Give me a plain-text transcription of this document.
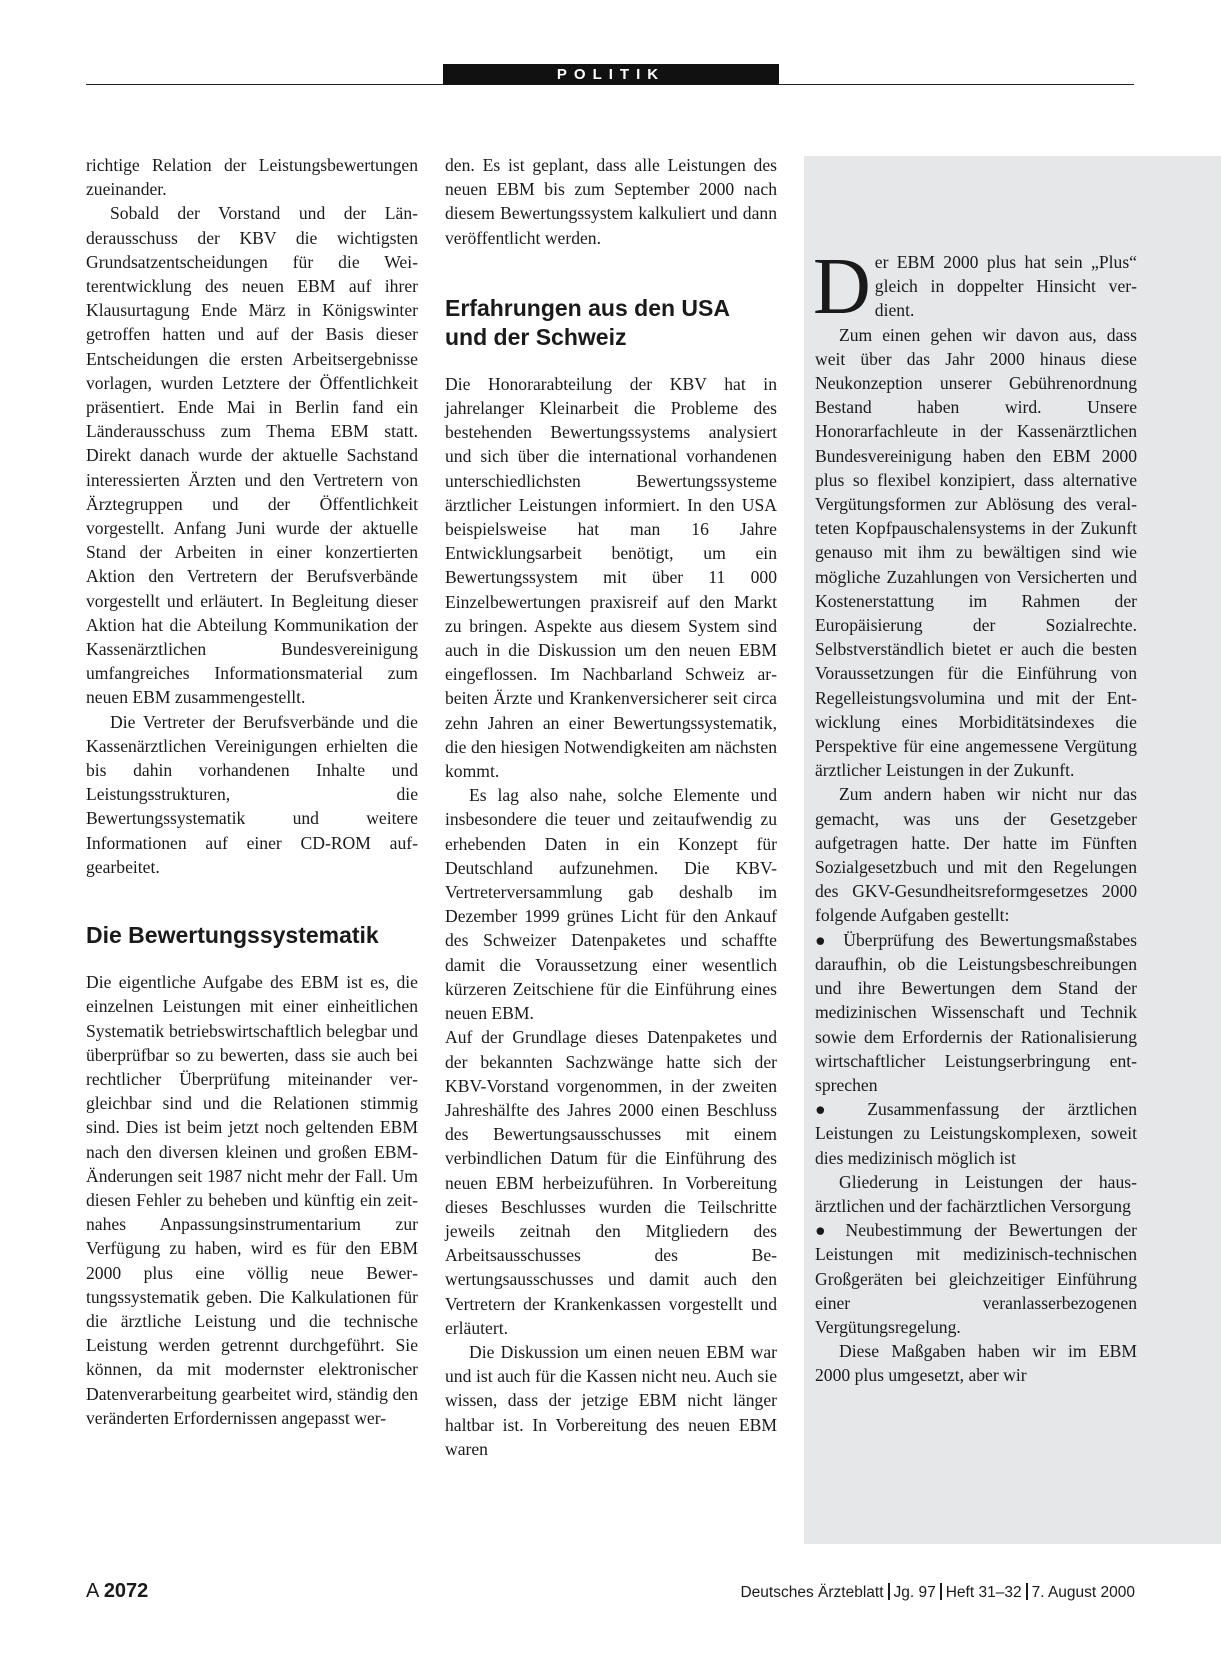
POLITIK

richtige Relation der Leistungsbewertungen zueinander.

Sobald der Vorstand und der Länderausschuss der KBV die wichtigsten Grundsatzentscheidungen für die Weiterentwicklung des neuen EBM auf ihrer Klausurtagung Ende März in Königswinter getroffen hatten und auf der Basis dieser Entscheidungen die ersten Arbeitsergebnisse vorlagen, wurden Letztere der Öffentlichkeit präsentiert. Ende Mai in Berlin fand ein Länderausschuss zum Thema EBM statt. Direkt danach wurde der aktuelle Sachstand interessierten Ärzten und den Vertretern von Ärztegruppen und der Öffentlichkeit vorgestellt. Anfang Juni wurde der aktuelle Stand der Arbeiten in einer konzertierten Aktion den Vertretern der Berufsverbände vorgestellt und erläutert. In Begleitung dieser Aktion hat die Abteilung Kommunikation der Kassenärztlichen Bundesvereinigung umfangreiches Informationsmaterial zum neuen EBM zusammengestellt.

Die Vertreter der Berufsverbände und die Kassenärztlichen Vereinigungen erhielten die bis dahin vorhandenen Inhalte und Leistungsstrukturen, die Bewertungssystematik und weitere Informationen auf einer CD-ROM aufgearbeitet.

Die Bewertungssystematik

Die eigentliche Aufgabe des EBM ist es, die einzelnen Leistungen mit einer einheitlichen Systematik betriebswirtschaftlich belegbar und überprüfbar so zu bewerten, dass sie auch bei rechtlicher Überprüfung miteinander vergleichbar sind und die Relationen stimmig sind. Dies ist beim jetzt noch geltenden EBM nach den diversen kleinen und großen EBM-Änderungen seit 1987 nicht mehr der Fall. Um diesen Fehler zu beheben und künftig ein zeitnahes Anpassungsinstrumentarium zur Verfügung zu haben, wird es für den EBM 2000 plus eine völlig neue Bewertungssystematik geben. Die Kalkulationen für die ärztliche Leistung und die technische Leistung werden getrennt durchgeführt. Sie können, da mit modernster elektronischer Datenverarbeitung gearbeitet wird, ständig den veränderten Erfordernissen angepasst wer-

den. Es ist geplant, dass alle Leistungen des neuen EBM bis zum September 2000 nach diesem Bewertungssystem kalkuliert und dann veröffentlicht werden.

Erfahrungen aus den USA
und der Schweiz

Die Honorarabteilung der KBV hat in jahrelanger Kleinarbeit die Probleme des bestehenden Bewertungssystems analysiert und sich über die international vorhandenen unterschiedlichsten Bewertungssysteme ärztlicher Leistungen informiert. In den USA beispielsweise hat man 16 Jahre Entwicklungsarbeit benötigt, um ein Bewertungssystem mit über 11 000 Einzelbewertungen praxisreif auf den Markt zu bringen. Aspekte aus diesem System sind auch in die Diskussion um den neuen EBM eingeflossen. Im Nachbarland Schweiz arbeiten Ärzte und Krankenversicherer seit circa zehn Jahren an einer Bewertungssystematik, die den hiesigen Notwendigkeiten am nächsten kommt.

Es lag also nahe, solche Elemente und insbesondere die teuer und zeitaufwendig zu erhebenden Daten in ein Konzept für Deutschland aufzunehmen. Die KBV-Vertreterversammlung gab deshalb im Dezember 1999 grünes Licht für den Ankauf des Schweizer Datenpaketes und schaffte damit die Voraussetzung einer wesentlich kürzeren Zeitschiene für die Einführung eines neuen EBM.

Auf der Grundlage dieses Datenpaketes und der bekannten Sachzwänge hatte sich der KBV-Vorstand vorgenommen, in der zweiten Jahreshälfte des Jahres 2000 einen Beschluss des Bewertungsausschusses mit einem verbindlichen Datum für die Einführung des neuen EBM herbeizuführen. In Vorbereitung dieses Beschlusses wurden die Teilschritte jeweils zeitnah den Mitgliedern des Arbeitsausschusses des Bewertungsausschusses und damit auch den Vertretern der Krankenkassen vorgestellt und erläutert.

Die Diskussion um einen neuen EBM war und ist auch für die Kassen nicht neu. Auch sie wissen, dass der jetzige EBM nicht länger haltbar ist. In Vorbereitung des neuen EBM waren

D er EBM 2000 plus hat sein „Plus“ gleich in doppelter Hinsicht verdient.

Zum einen gehen wir davon aus, dass weit über das Jahr 2000 hinaus diese Neukonzeption unserer Gebührenordnung Bestand haben wird. Unsere Honorarfachleute in der Kassenärztlichen Bundesvereinigung haben den EBM 2000 plus so flexibel konzipiert, dass alternative Vergütungsformen zur Ablösung des veralteten Kopfpauschalensystems in der Zukunft genauso mit ihm zu bewältigen sind wie mögliche Zuzahlungen von Versicherten und Kostenerstattung im Rahmen der Europäisierung der Sozialrechte. Selbstverständlich bietet er auch die besten Voraussetzungen für die Einführung von Regelleistungsvolumina und mit der Entwicklung eines Morbiditätsindexes die Perspektive für eine angemessene Vergütung ärztlicher Leistungen in der Zukunft.

Zum andern haben wir nicht nur das gemacht, was uns der Gesetzgeber aufgetragen hatte. Der hatte im Fünften Sozialgesetzbuch und mit den Regelungen des GKV-Gesundheitsreformgesetzes 2000 folgende Aufgaben gestellt:

● Überprüfung des Bewertungsmaßstabes daraufhin, ob die Leistungsbeschreibungen und ihre Bewertungen dem Stand der medizinischen Wissenschaft und Technik sowie dem Erfordernis der Rationalisierung wirtschaftlicher Leistungserbringung entsprechen

● Zusammenfassung der ärztlichen Leistungen zu Leistungskomplexen, soweit dies medizinisch möglich ist

Gliederung in Leistungen der hausärztlichen und der fachärztlichen Versorgung

● Neubestimmung der Bewertungen der Leistungen mit medizinisch-technischen Großgeräten bei gleichzeitiger Einführung einer veranlasserbezogenen Vergütungsregelung.

Diese Maßgaben haben wir im EBM 2000 plus umgesetzt, aber wir

A 2072	Deutsches Ärzteblatt Jg. 97 Heft 31–32 7. August 2000
